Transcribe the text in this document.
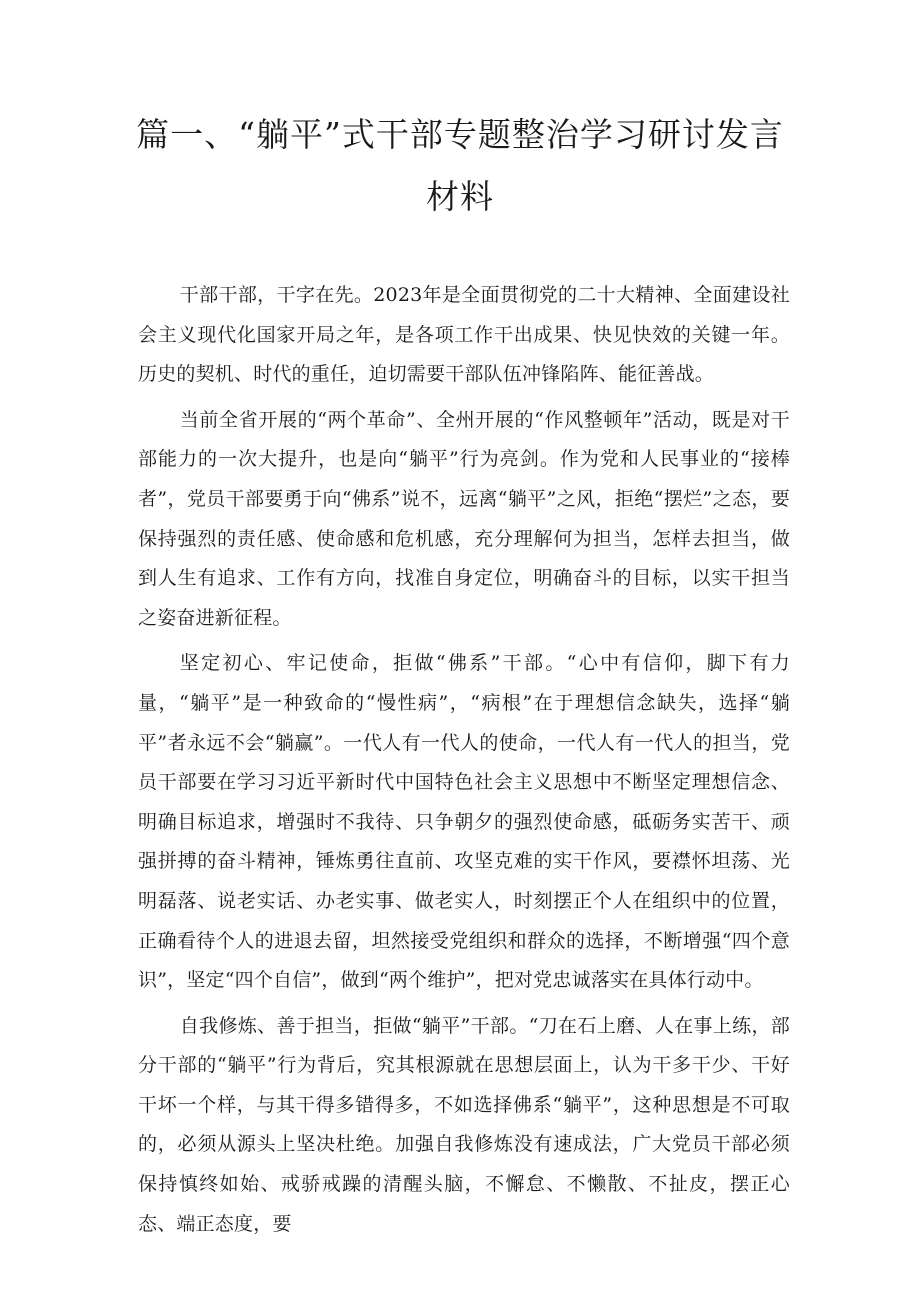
篇一、“躺平”式干部专题整治学习研讨发言材料

干部干部，干字在先。2023年是全面贯彻党的二十大精神、全面建设社会主义现代化国家开局之年，是各项工作干出成果、快见快效的关键一年。历史的契机、时代的重任，迫切需要干部队伍冲锋陷阵、能征善战。

当前全省开展的“两个革命”、全州开展的“作风整顿年”活动，既是对干部能力的一次大提升，也是向“躺平”行为亮剑。作为党和人民事业的“接棒者”，党员干部要勇于向“佛系”说不，远离“躺平”之风，拒绝“摆烂”之态，要保持强烈的责任感、使命感和危机感，充分理解何为担当，怎样去担当，做到人生有追求、工作有方向，找准自身定位，明确奋斗的目标，以实干担当之姿奋进新征程。

坚定初心、牢记使命，拒做“佛系”干部。“心中有信仰，脚下有力量，“躺平”是一种致命的“慢性病”，“病根”在于理想信念缺失，选择“躺平”者永远不会“躺赢”。一代人有一代人的使命，一代人有一代人的担当，党员干部要在学习习近平新时代中国特色社会主义思想中不断坚定理想信念、明确目标追求，增强时不我待、只争朝夕的强烈使命感，砥砺务实苦干、顽强拼搏的奋斗精神，锤炼勇往直前、攻坚克难的实干作风，要襟怀坦荡、光明磊落、说老实话、办老实事、做老实人，时刻摆正个人在组织中的位置，正确看待个人的进退去留，坦然接受党组织和群众的选择，不断增强“四个意识”，坚定“四个自信”，做到“两个维护”，把对党忠诚落实在具体行动中。

自我修炼、善于担当，拒做“躺平”干部。“刀在石上磨、人在事上练，部分干部的“躺平”行为背后，究其根源就在思想层面上，认为干多干少、干好干坏一个样，与其干得多错得多，不如选择佛系“躺平”，这种思想是不可取的，必须从源头上坚决杜绝。加强自我修炼没有速成法，广大党员干部必须保持慎终如始、戒骄戒躁的清醒头脑，不懈怠、不懒散、不扯皮，摆正心态、端正态度，要
